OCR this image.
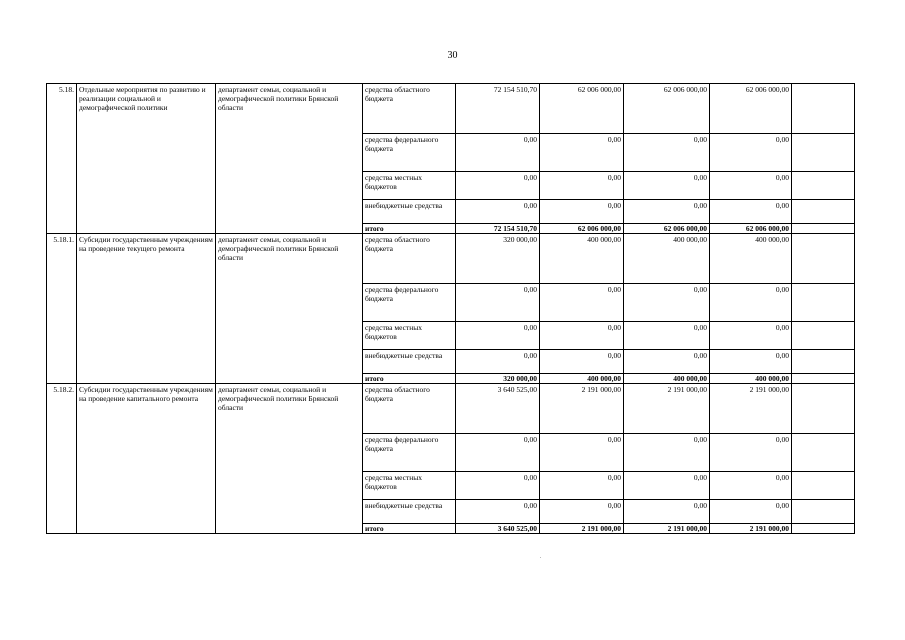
30
5.18.	Отдельные мероприятия по развитию и реализации социальной и демографической политики	департамент семьи, социальной и демографической политики Брянской области	средства областного бюджета	72 154 510,70	62 006 000,00	62 006 000,00	62 006 000,00	
			средства федерального бюджета	0,00	0,00	0,00	0,00	
			средства местных бюджетов	0,00	0,00	0,00	0,00	
			внебюджетные средства	0,00	0,00	0,00	0,00	
			итого	72 154 510,70	62 006 000,00	62 006 000,00	62 006 000,00	
5.18.1.	Субсидии государственным учреждениям на проведение текущего ремонта	департамент семьи, социальной и демографической политики Брянской области	средства областного бюджета	320 000,00	400 000,00	400 000,00	400 000,00	
			средства федерального бюджета	0,00	0,00	0,00	0,00	
			средства местных бюджетов	0,00	0,00	0,00	0,00	
			внебюджетные средства	0,00	0,00	0,00	0,00	
			итого	320 000,00	400 000,00	400 000,00	400 000,00	
5.18.2.	Субсидии государственным учреждениям на проведение капитального ремонта	департамент семьи, социальной и демографической политики Брянской области	средства областного бюджета	3 640 525,00	2 191 000,00	2 191 000,00	2 191 000,00	
			средства федерального бюджета	0,00	0,00	0,00	0,00	
			средства местных бюджетов	0,00	0,00	0,00	0,00	
			внебюджетные средства	0,00	0,00	0,00	0,00	
			итого	3 640 525,00	2 191 000,00	2 191 000,00	2 191 000,00	
